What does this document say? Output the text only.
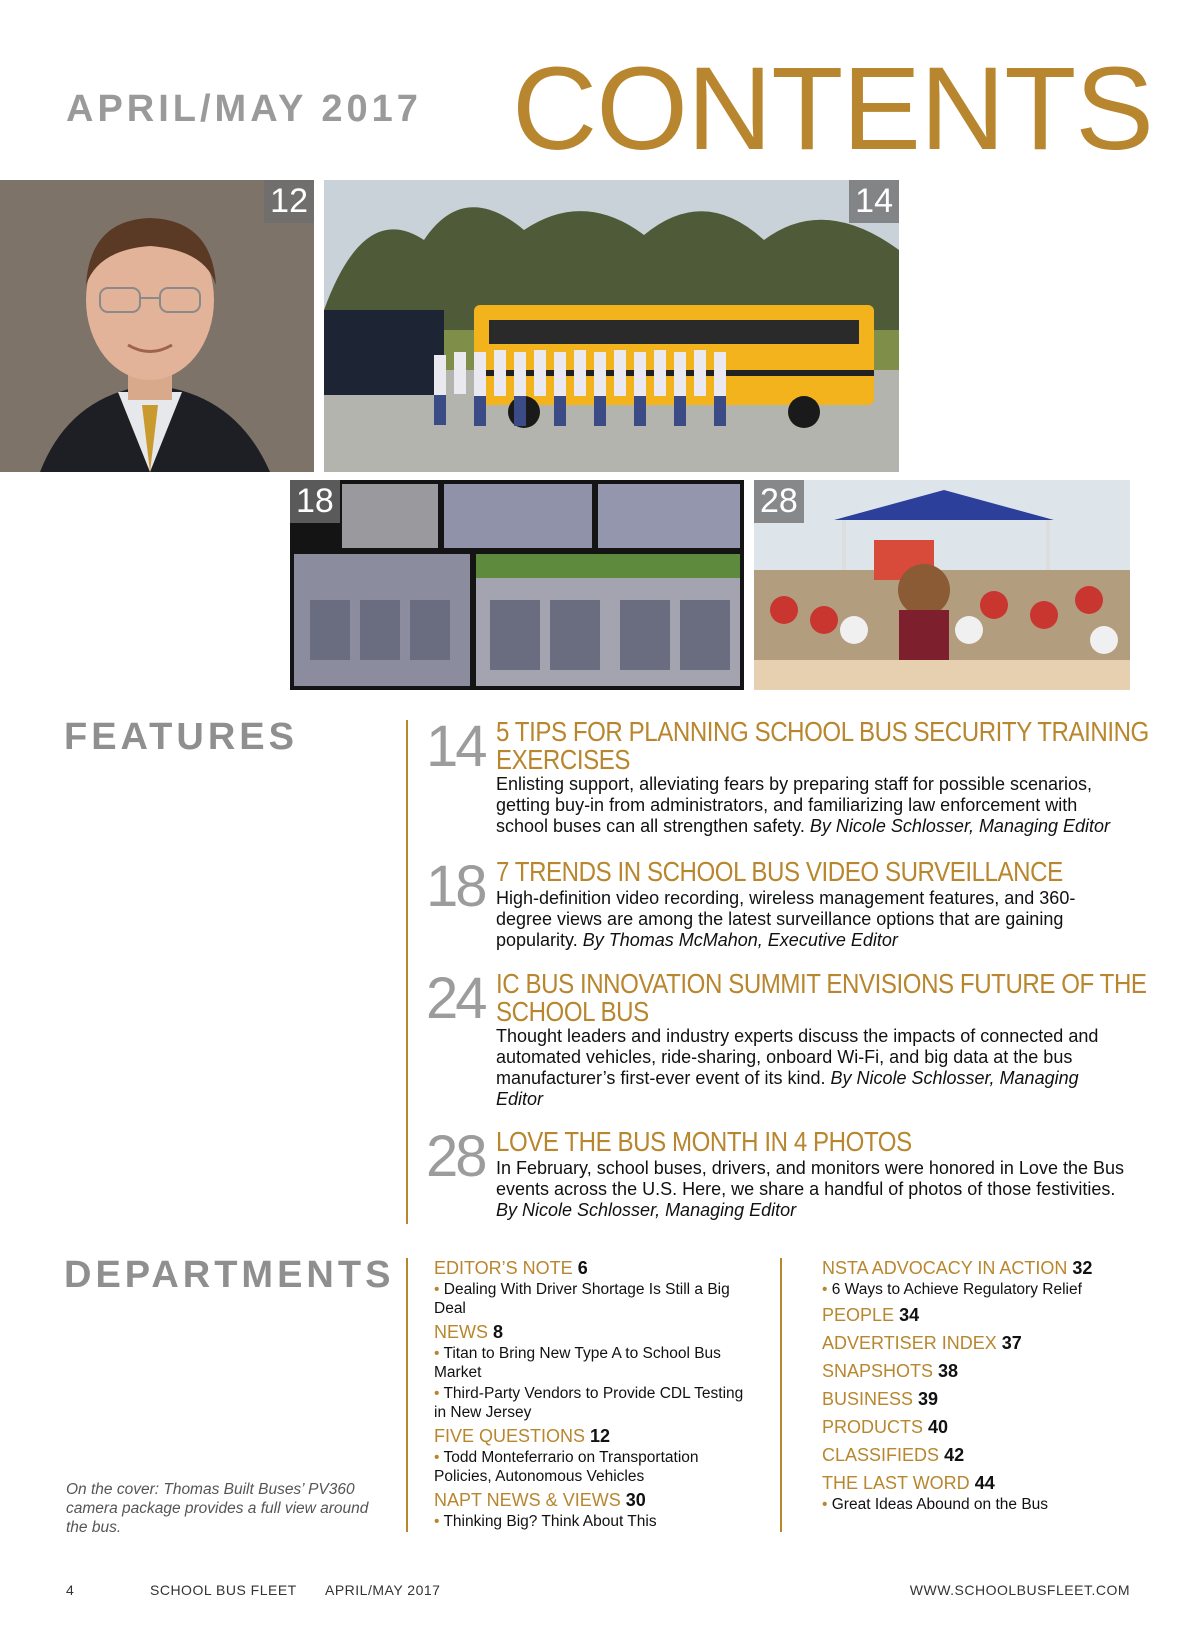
APRIL/MAY 2017 CONTENTS
12	14
18	28
FEATURES 14 5 TIPS FOR PLANNING SCHOOL BUS SECURITY TRAINING
EXERCISES
Enlisting support, alleviating fears by preparing staff for possible scenarios, getting buy-in from administrators, and familiarizing law enforcement with school buses can all strengthen safety. By Nicole Schlosser, Managing Editor
18 7 TRENDS IN SCHOOL BUS VIDEO SURVEILLANCE
High-definition video recording, wireless management features, and 360-degree views are among the latest surveillance options that are gaining popularity. By Thomas McMahon, Executive Editor
24 IC BUS INNOVATION SUMMIT ENVISIONS FUTURE OF THE
SCHOOL BUS
Thought leaders and industry experts discuss the impacts of connected and automated vehicles, ride-sharing, onboard Wi-Fi, and big data at the bus manufacturer’s first-ever event of its kind. By Nicole Schlosser, Managing Editor
28 LOVE THE BUS MONTH IN 4 PHOTOS
In February, school buses, drivers, and monitors were honored in Love the Bus events across the U.S. Here, we share a handful of photos of those festivities. By Nicole Schlosser, Managing Editor
DEPARTMENTS EDITOR’S NOTE 6
• Dealing With Driver Shortage Is Still a Big Deal
NEWS 8
• Titan to Bring New Type A to School Bus Market
• Third-Party Vendors to Provide CDL Testing in New Jersey
FIVE QUESTIONS 12
• Todd Monteferrario on Transportation Policies, Autonomous Vehicles
NAPT NEWS & VIEWS 30
• Thinking Big? Think About This
NSTA ADVOCACY IN ACTION 32
• 6 Ways to Achieve Regulatory Relief
PEOPLE 34
ADVERTISER INDEX 37
SNAPSHOTS 38
BUSINESS 39
PRODUCTS 40
CLASSIFIEDS 42
THE LAST WORD 44
• Great Ideas Abound on the Bus
On the cover: Thomas Built Buses’ PV360 camera package provides a full view around the bus.
4	SCHOOL BUS FLEET APRIL/MAY 2017	WWW.SCHOOLBUSFLEET.COM
